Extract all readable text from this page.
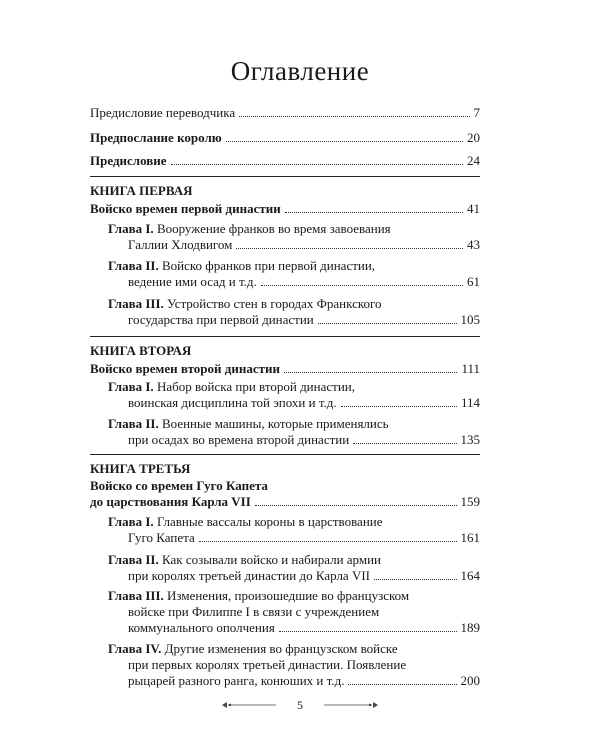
Оглавление
Предисловие переводчика	7
Предпослание королю	20
Предисловие	24
КНИГА ПЕРВАЯ
Войско времен первой династии	41
Глава I.
Вооружение франков во время завоевания
Галлии Хлодвигом	43
Глава II.
Войско франков при первой династии,
ведение ими осад и т.д.	61
Глава III.
Устройство стен в городах Франкского
государства при первой династии	105
КНИГА ВТОРАЯ
Войско времен второй династии	111
Глава I.
Набор войска при второй династии,
воинская дисциплина той эпохи и т.д.	114
Глава II.
Военные машины, которые применялись
при осадах во времена второй династии	135
КНИГА ТРЕТЬЯ
Войско со времен Гуго Капета
до царствования Карла VII	159
Глава I.
Главные вассалы короны в царствование
Гуго Капета	161
Глава II.
Как созывали войско и набирали армии
при королях третьей династии до Карла VII	164
Глава III.
Изменения, произошедшие во французском
войске при Филиппе I в связи с учреждением
коммунального ополчения	189
Глава IV.
Другие изменения во французском войске
при первых королях третьей династии. Появление
рыцарей разного ранга, конюших и т.д.	200
5
